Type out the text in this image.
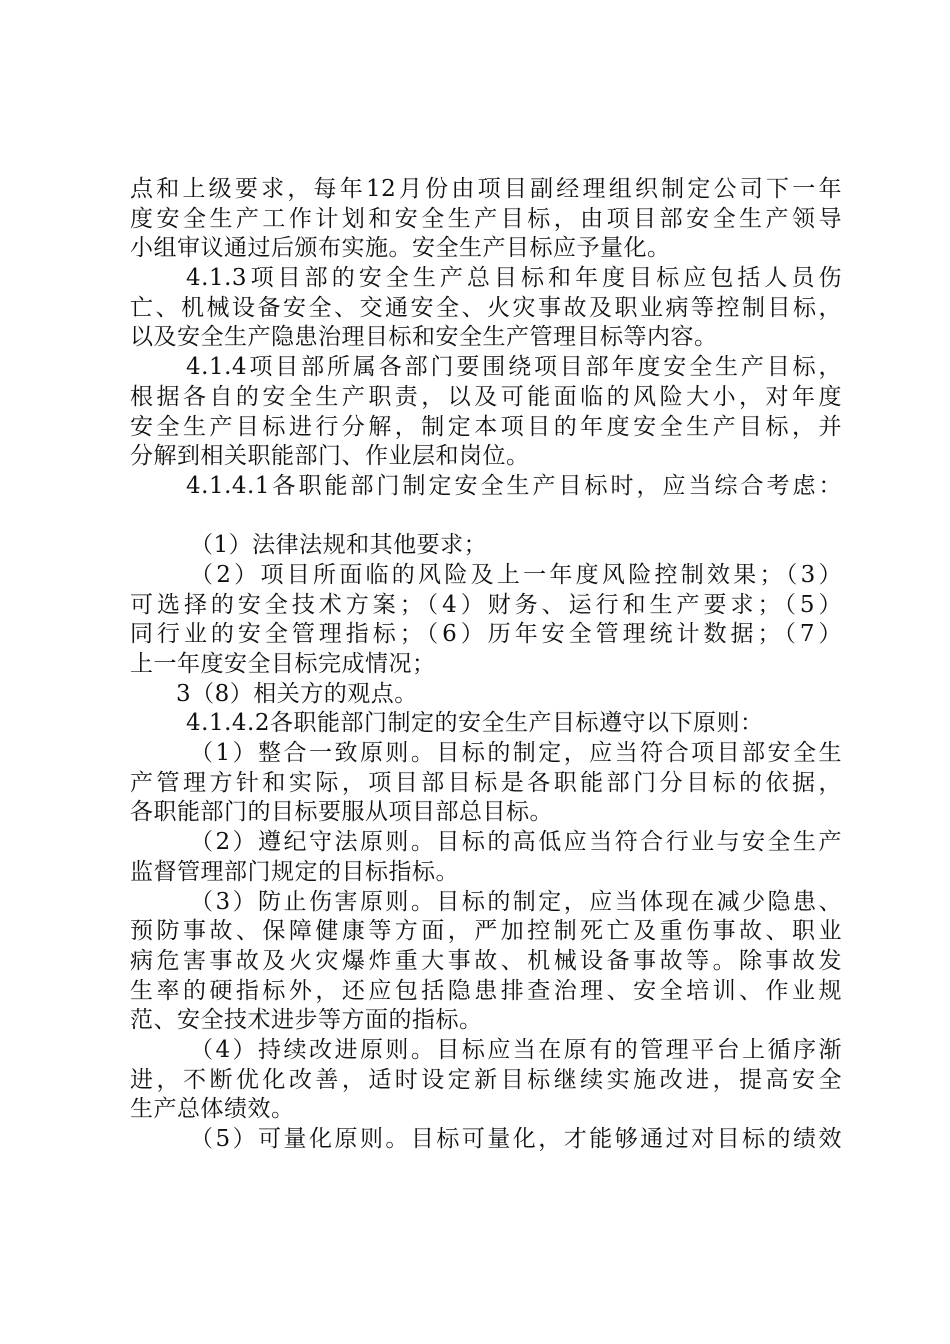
点和上级要求，每年12月份由项目副经理组织制定公司下一年
度安全生产工作计划和安全生产目标，由项目部安全生产领导
小组审议通过后颁布实施。安全生产目标应予量化。
4.1.3项目部的安全生产总目标和年度目标应包括人员伤
亡、机械设备安全、交通安全、火灾事故及职业病等控制目标，
以及安全生产隐患治理目标和安全生产管理目标等内容。
4.1.4项目部所属各部门要围绕项目部年度安全生产目标，
根据各自的安全生产职责，以及可能面临的风险大小，对年度
安全生产目标进行分解，制定本项目的年度安全生产目标，并
分解到相关职能部门、作业层和岗位。
4.1.4.1各职能部门制定安全生产目标时，应当综合考虑：
（1）法律法规和其他要求；
（2）项目所面临的风险及上一年度风险控制效果；（3）
可选择的安全技术方案；（4）财务、运行和生产要求；（5）
同行业的安全管理指标；（6）历年安全管理统计数据；（7）
上一年度安全目标完成情况；
3（8）相关方的观点。
4.1.4.2各职能部门制定的安全生产目标遵守以下原则：
（1）整合一致原则。目标的制定，应当符合项目部安全生
产管理方针和实际，项目部目标是各职能部门分目标的依据，
各职能部门的目标要服从项目部总目标。
（2）遵纪守法原则。目标的高低应当符合行业与安全生产
监督管理部门规定的目标指标。
（3）防止伤害原则。目标的制定，应当体现在减少隐患、
预防事故、保障健康等方面，严加控制死亡及重伤事故、职业
病危害事故及火灾爆炸重大事故、机械设备事故等。除事故发
生率的硬指标外，还应包括隐患排查治理、安全培训、作业规
范、安全技术进步等方面的指标。
（4）持续改进原则。目标应当在原有的管理平台上循序渐
进，不断优化改善，适时设定新目标继续实施改进，提高安全
生产总体绩效。
（5）可量化原则。目标可量化，才能够通过对目标的绩效
